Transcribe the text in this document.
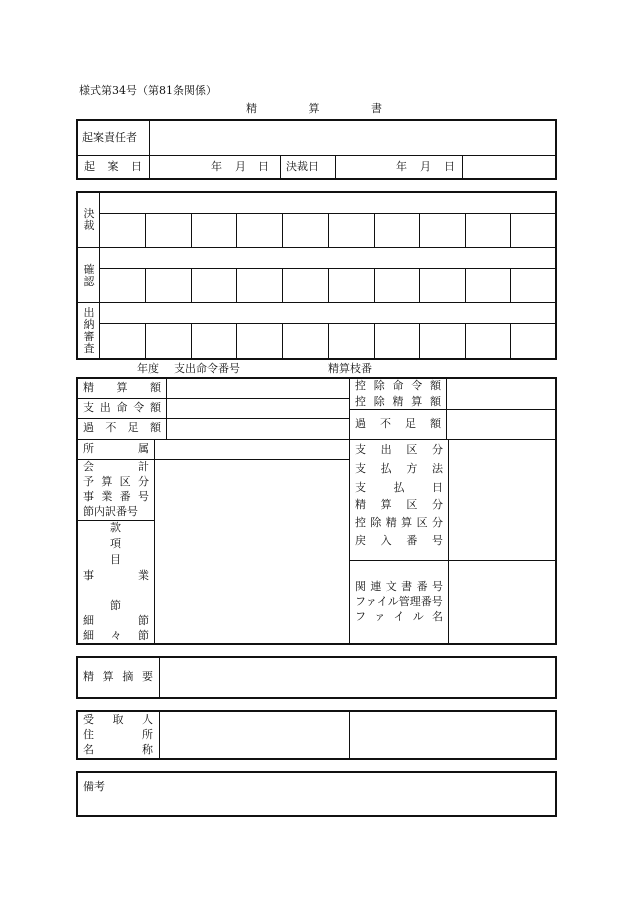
様式第34号（第81条関係）
精	算	書
起案責任者
起 案 日	年 月 日 決裁日	年 月 日
決
裁
確
認
出
納
審
査
年度 支出命令番号	精算枝番
精 算 額
支 出 命 令 額
過 不 足 額
控 除 命 令 額
控 除 精 算 額
過 不 足 額
所	属
会	計
予 算 区 分
事 業 番 号
節内訳番号
款
項
目
事	業
節
細	節
細 々 節
支 出 区 分
支 払 方 法
支	払	日
精 算 区 分
控 除 精 算 区 分
戻 入 番 号
関 連 文 書 番 号
ファイル管理番号
フ ァ イ ル 名
精 算 摘 要
受 取 人
住	所
名	称
備考
